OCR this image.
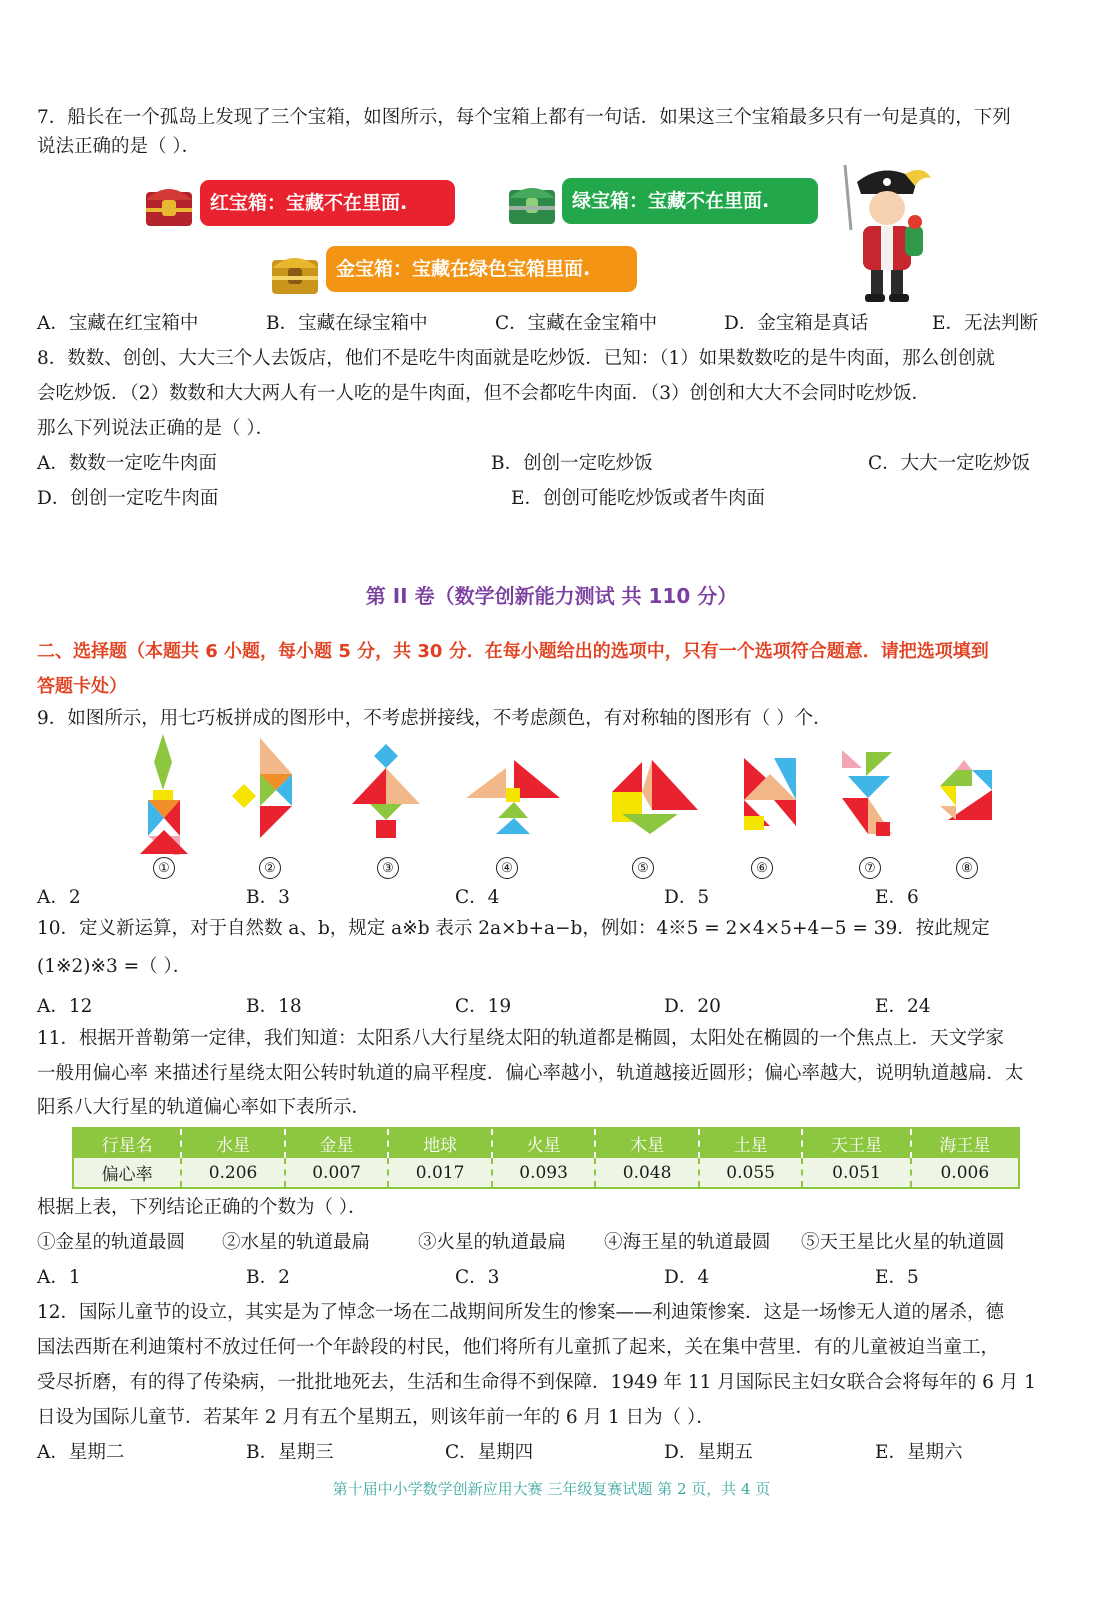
7．船长在一个孤岛上发现了三个宝箱，如图所示，每个宝箱上都有一句话．如果这三个宝箱最多只有一句是真的，下列
说法正确的是（ ）．
红宝箱：宝藏不在里面.	绿宝箱：宝藏不在里面.
金宝箱：宝藏在绿色宝箱里面.
A．宝藏在红宝箱中	B．宝藏在绿宝箱中	C．宝藏在金宝箱中	D．金宝箱是真话	E．无法判断
8．数数、创创、大大三个人去饭店，他们不是吃牛肉面就是吃炒饭．已知：（1）如果数数吃的是牛肉面，那么创创就
会吃炒饭．（2）数数和大大两人有一人吃的是牛肉面，但不会都吃牛肉面．（3）创创和大大不会同时吃炒饭．
那么下列说法正确的是（ ）．
A．数数一定吃牛肉面	B．创创一定吃炒饭	C．大大一定吃炒饭
D．创创一定吃牛肉面	E．创创可能吃炒饭或者牛肉面
第 II 卷（数学创新能力测试 共 110 分）
二、选择题（本题共 6 小题，每小题 5 分，共 30 分．在每小题给出的选项中，只有一个选项符合题意．请把选项填到
答题卡处）
9．如图所示，用七巧板拼成的图形中，不考虑拼接线，不考虑颜色，有对称轴的图形有（ ）个．
①	②	③	④	⑤	⑥	⑦	⑧
A．2	B．3	C．4	D．5	E．6
10．定义新运算，对于自然数 a、b，规定 a※b 表示 2a×b+a−b，例如：4※5 = 2×4×5+4−5 = 39．按此规定
(1※2)※3 =（ ）．
A．12	B．18	C．19	D．20	E．24
11．根据开普勒第一定律，我们知道：太阳系八大行星绕太阳的轨道都是椭圆，太阳处在椭圆的一个焦点上．天文学家
一般用偏心率 来描述行星绕太阳公转时轨道的扁平程度．偏心率越小，轨道越接近圆形；偏心率越大，说明轨道越扁．太
阳系八大行星的轨道偏心率如下表所示．
行星名	水星	金星	地球	火星	木星	土星	天王星	海王星
偏心率	0.206	0.007	0.017	0.093	0.048	0.055	0.051	0.006
根据上表，下列结论正确的个数为（ ）．
①金星的轨道最圆 ②水星的轨道最扁	③火星的轨道最扁 ④海王星的轨道最圆 ⑤天王星比火星的轨道圆
A．1	B．2	C．3	D．4	E．5
12．国际儿童节的设立，其实是为了悼念一场在二战期间所发生的惨案——利迪策惨案．这是一场惨无人道的屠杀，德
国法西斯在利迪策村不放过任何一个年龄段的村民，他们将所有儿童抓了起来，关在集中营里．有的儿童被迫当童工，
受尽折磨，有的得了传染病，一批批地死去，生活和生命得不到保障．1949 年 11 月国际民主妇女联合会将每年的 6 月 1
日设为国际儿童节．若某年 2 月有五个星期五，则该年前一年的 6 月 1 日为（ ）．
A．星期二	B．星期三	C．星期四	D．星期五	E．星期六
第十届中小学数学创新应用大赛 三年级复赛试题 第 2 页，共 4 页
